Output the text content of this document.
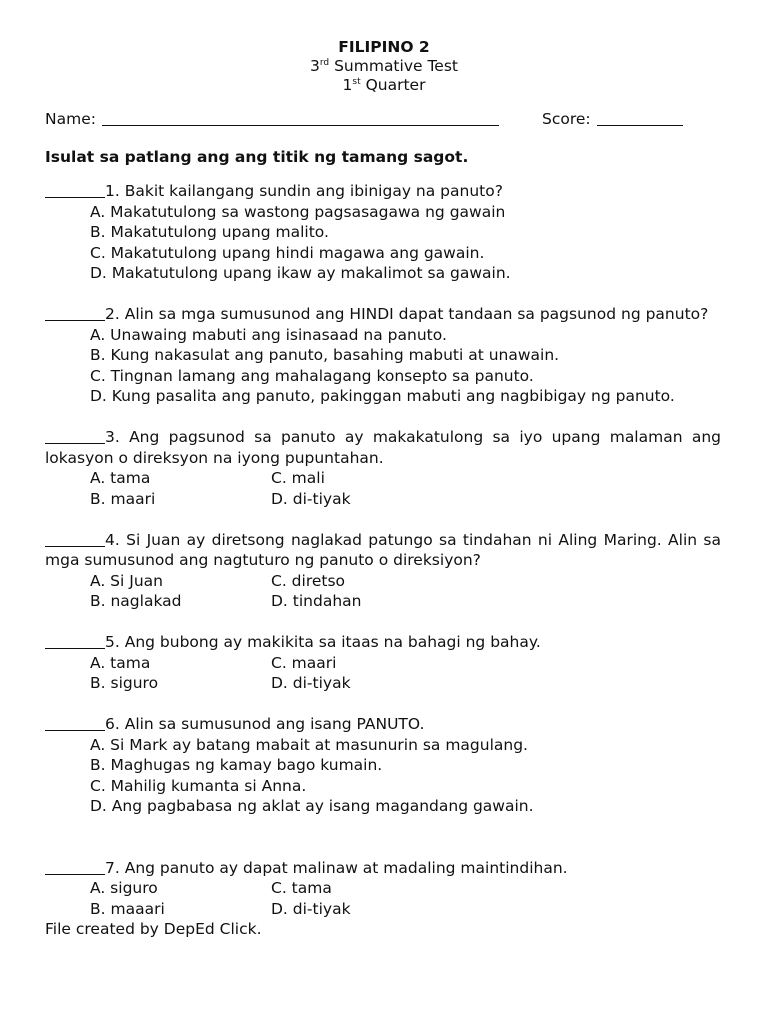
FILIPINO 2
3rd Summative Test
1st Quarter
Name:	Score:
Isulat sa patlang ang ang titik ng tamang sagot.
1. Bakit kailangang sundin ang ibinigay na panuto?
A. Makatutulong sa wastong pagsasagawa ng gawain
B. Makatutulong upang malito.
C. Makatutulong upang hindi magawa ang gawain.
D. Makatutulong upang ikaw ay makalimot sa gawain.
2. Alin sa mga sumusunod ang HINDI dapat tandaan sa pagsunod ng panuto?
A. Unawaing mabuti ang isinasaad na panuto.
B. Kung nakasulat ang panuto, basahing mabuti at unawain.
C. Tingnan lamang ang mahalagang konsepto sa panuto.
D. Kung pasalita ang panuto, pakinggan mabuti ang nagbibigay ng panuto.
3. Ang pagsunod sa panuto ay makakatulong sa iyo upang malaman ang lokasyon o direksyon na iyong pupuntahan.
A. tama	C. mali
B. maari	D. di-tiyak
4. Si Juan ay diretsong naglakad patungo sa tindahan ni Aling Maring. Alin sa mga sumusunod ang nagtuturo ng panuto o direksiyon?
A. Si Juan	C. diretso
B. naglakad	D. tindahan
5. Ang bubong ay makikita sa itaas na bahagi ng bahay.
A. tama	C. maari
B. siguro	D. di-tiyak
6. Alin sa sumusunod ang isang PANUTO.
A. Si Mark ay batang mabait at masunurin sa magulang.
B. Maghugas ng kamay bago kumain.
C. Mahilig kumanta si Anna.
D. Ang pagbabasa ng aklat ay isang magandang gawain.
7. Ang panuto ay dapat malinaw at madaling maintindihan.
A. siguro	C. tama
B. maaari	D. di-tiyak
File created by DepEd Click.
